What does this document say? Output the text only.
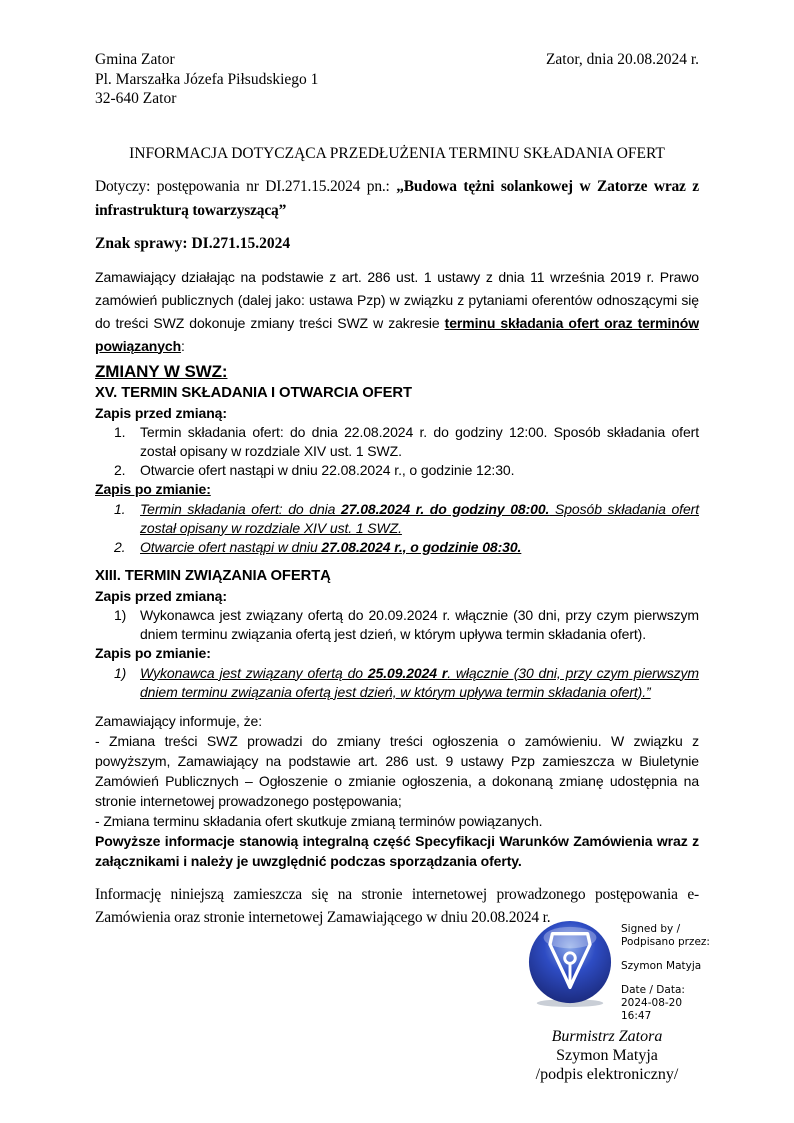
Gmina Zator
Pl. Marszałka Józefa Piłsudskiego 1
32-640 Zator
Zator, dnia 20.08.2024 r.
INFORMACJA DOTYCZĄCA PRZEDŁUŻENIA TERMINU SKŁADANIA OFERT

Dotyczy: postępowania nr DI.271.15.2024 pn.: „Budowa tężni solankowej w Zatorze wraz z infrastrukturą towarzyszącą”

Znak sprawy: DI.271.15.2024

Zamawiający działając na podstawie z art. 286 ust. 1 ustawy z dnia 11 września 2019 r. Prawo zamówień publicznych (dalej jako: ustawa Pzp) w związku z pytaniami oferentów odnoszącymi się do treści SWZ dokonuje zmiany treści SWZ w zakresie terminu składania ofert oraz terminów powiązanych:

ZMIANY W SWZ:
XV. TERMIN SKŁADANIA I OTWARCIA OFERT
Zapis przed zmianą:
1. Termin składania ofert: do dnia 22.08.2024 r. do godziny 12:00. Sposób składania ofert został opisany w rozdziale XIV ust. 1 SWZ.
2. Otwarcie ofert nastąpi w dniu 22.08.2024 r., o godzinie 12:30.
Zapis po zmianie:
1. Termin składania ofert: do dnia 27.08.2024 r. do godziny 08:00. Sposób składania ofert został opisany w rozdziale XIV ust. 1 SWZ.
2. Otwarcie ofert nastąpi w dniu 27.08.2024 r., o godzinie 08:30.
XIII. TERMIN ZWIĄZANIA OFERTĄ
Zapis przed zmianą:
1) Wykonawca jest związany ofertą do 20.09.2024 r. włącznie (30 dni, przy czym pierwszym dniem terminu związania ofertą jest dzień, w którym upływa termin składania ofert).
Zapis po zmianie:
1) Wykonawca jest związany ofertą do 25.09.2024 r. włącznie (30 dni, przy czym pierwszym dniem terminu związania ofertą jest dzień, w którym upływa termin składania ofert).”

Zamawiający informuje, że:

- Zmiana treści SWZ prowadzi do zmiany treści ogłoszenia o zamówieniu. W związku z powyższym, Zamawiający na podstawie art. 286 ust. 9 ustawy Pzp zamieszcza w Biuletynie Zamówień Publicznych – Ogłoszenie o zmianie ogłoszenia, a dokonaną zmianę udostępnia na stronie internetowej prowadzonego postępowania;

- Zmiana terminu składania ofert skutkuje zmianą terminów powiązanych.

Powyższe informacje stanowią integralną część Specyfikacji Warunków Zamówienia wraz z załącznikami i należy je uwzględnić podczas sporządzania oferty.

Informację niniejszą zamieszcza się na stronie internetowej prowadzonego postępowania e-Zamówienia oraz stronie internetowej Zamawiającego w dniu 20.08.2024 r.

Signed by /
Podpisano przez:
Szymon Matyja
Date / Data:
2024-08-20
16:47
Burmistrz Zatora
Szymon Matyja
/podpis elektroniczny/
